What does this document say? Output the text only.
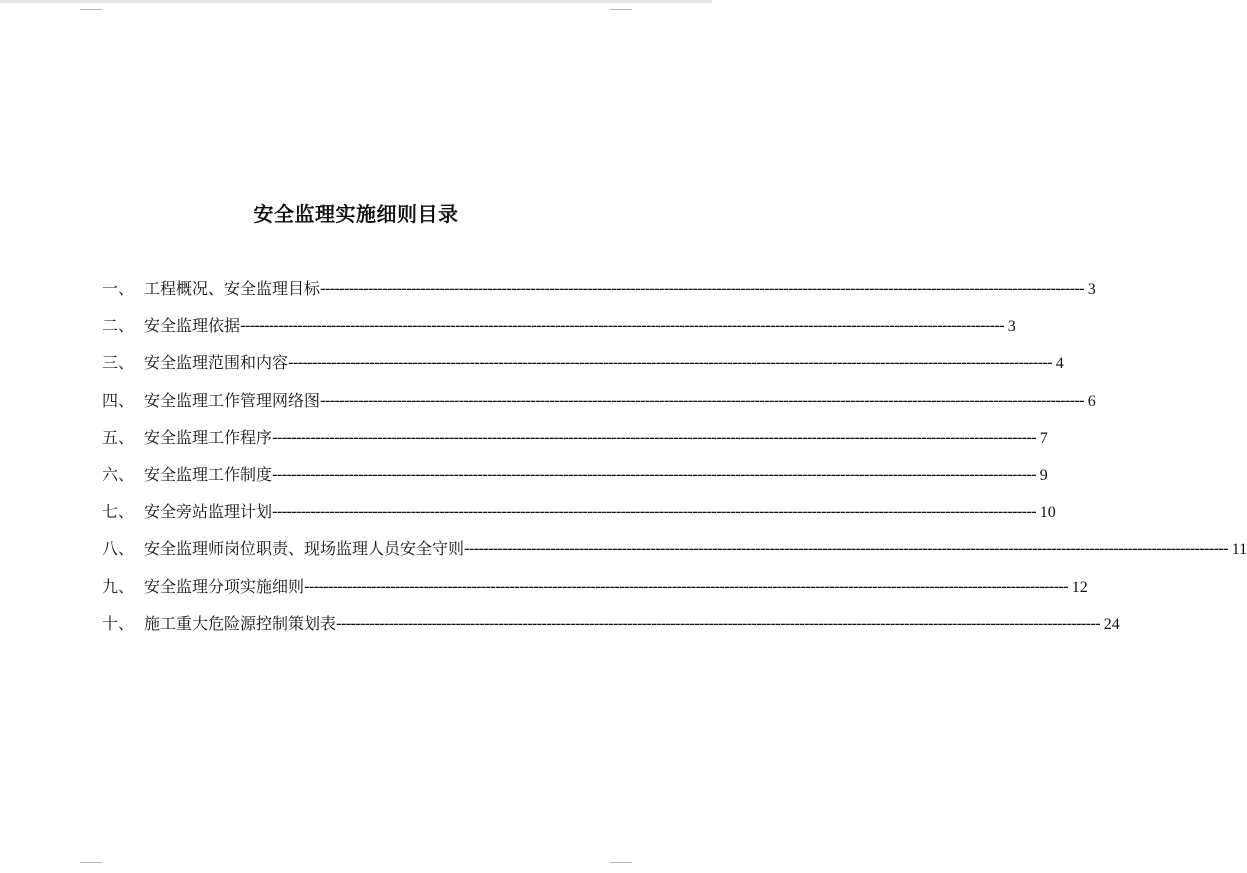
安全监理实施细则目录
一、 工程概况、安全监理目标 ---------------------------------------------------------------------------------------------------------------------------------------------------------------- 3
二、 安全监理依据 ---------------------------------------------------------------------------------------------------------------------------------------------------------------- 3
三、 安全监理范围和内容 ---------------------------------------------------------------------------------------------------------------------------------------------------------------- 4
四、 安全监理工作管理网络图 ---------------------------------------------------------------------------------------------------------------------------------------------------------------- 6
五、 安全监理工作程序 ---------------------------------------------------------------------------------------------------------------------------------------------------------------- 7
六、 安全监理工作制度 ---------------------------------------------------------------------------------------------------------------------------------------------------------------- 9
七、 安全旁站监理计划 ---------------------------------------------------------------------------------------------------------------------------------------------------------------- 10
八、 安全监理师岗位职责、现场监理人员安全守则 ---------------------------------------------------------------------------------------------------------------------------------------------------------------- 11
九、 安全监理分项实施细则 ---------------------------------------------------------------------------------------------------------------------------------------------------------------- 12
十、 施工重大危险源控制策划表 ---------------------------------------------------------------------------------------------------------------------------------------------------------------- 24
